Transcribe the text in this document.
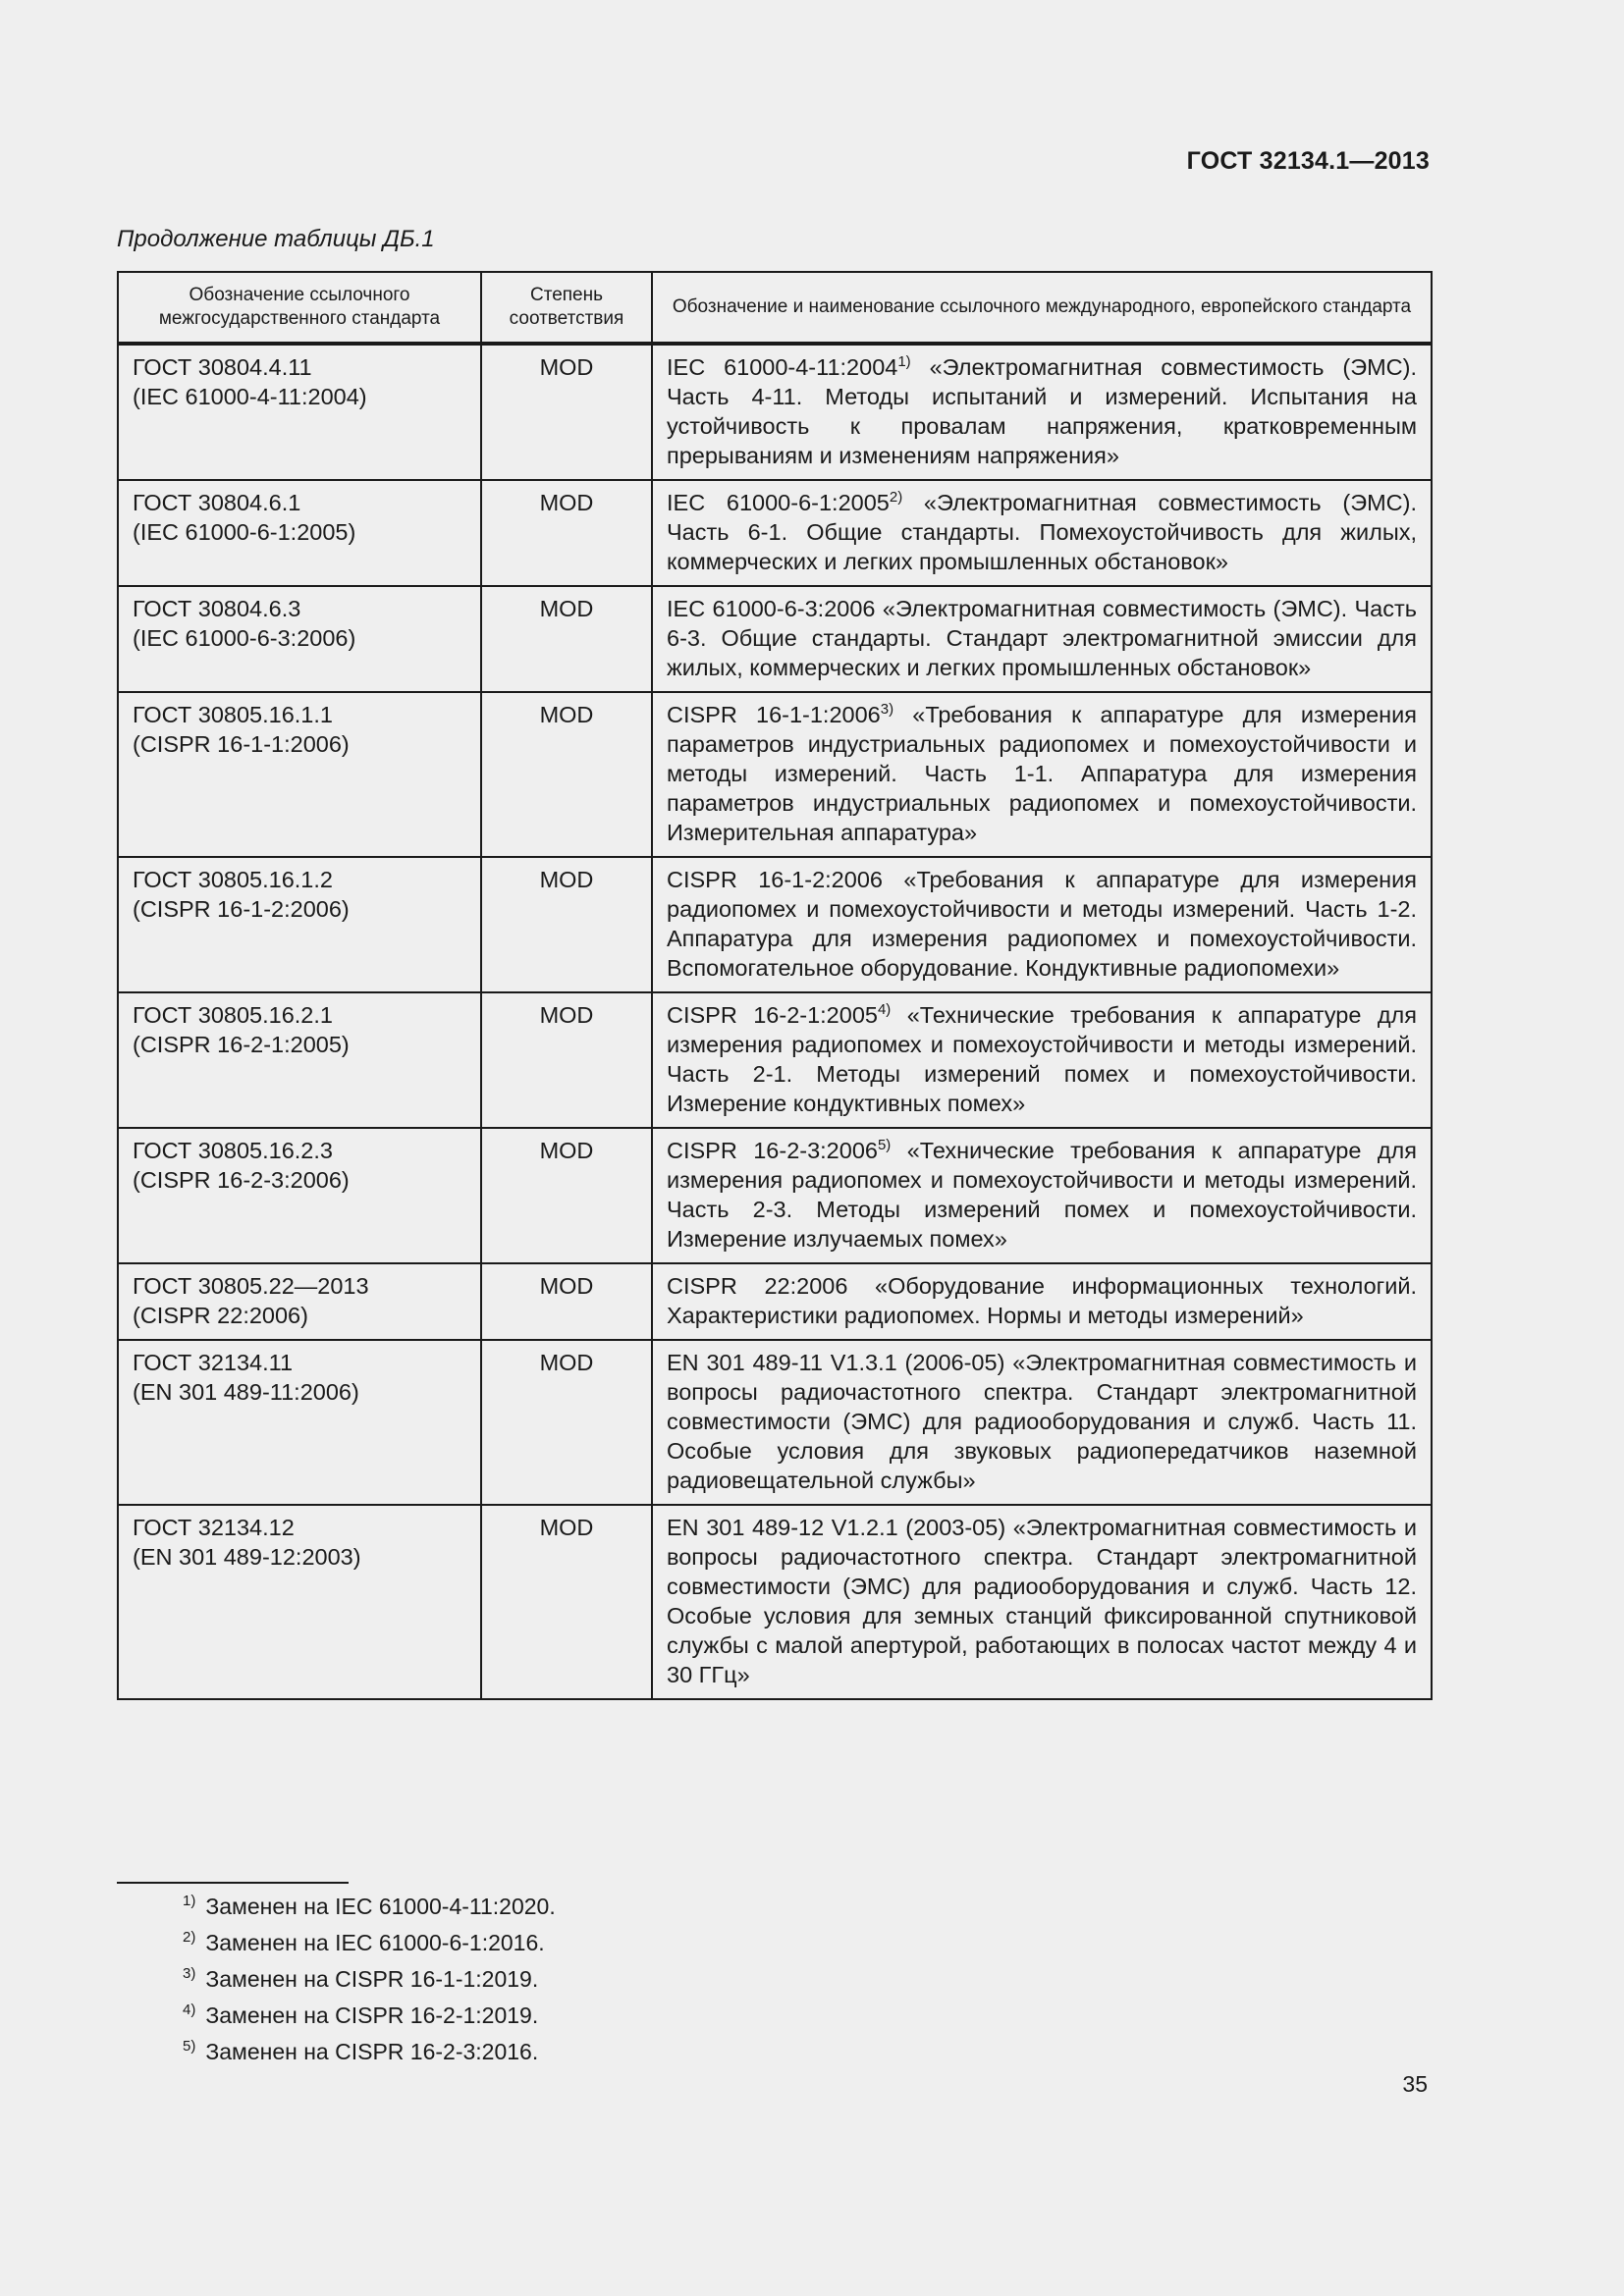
ГОСТ 32134.1—2013
Продолжение таблицы ДБ.1
Обозначение ссылочного межгосударственного стандарта	Степень соответствия	Обозначение и наименование ссылочного международного, европейского стандарта

ГОСТ 30804.4.11
(IEC 61000-4-11:2004)	MOD	IEC 61000-4-11:2004$^{1)}$ «Электромагнитная совместимость (ЭМС). Часть 4-11. Методы испытаний и измерений. Испытания на устойчивость к провалам напряжения, кратковременным прерываниям и изменениям напряжения»

ГОСТ 30804.6.1
(IEC 61000-6-1:2005)	MOD	IEC 61000-6-1:2005$^{2)}$ «Электромагнитная совместимость (ЭМС). Часть 6-1. Общие стандарты. Помехоустойчивость для жилых, коммерческих и легких промышленных обстановок»

ГОСТ 30804.6.3
(IEC 61000-6-3:2006)	MOD	IEC 61000-6-3:2006 «Электромагнитная совместимость (ЭМС). Часть 6-3. Общие стандарты. Стандарт электромагнитной эмиссии для жилых, коммерческих и легких промышленных обстановок»

ГОСТ 30805.16.1.1
(CISPR 16-1-1:2006)	MOD	CISPR 16-1-1:2006$^{3)}$ «Требования к аппаратуре для измерения параметров индустриальных радиопомех и помехоустойчивости и методы измерений. Часть 1-1. Аппаратура для измерения параметров индустриальных радиопомех и помехоустойчивости. Измерительная аппаратура»

ГОСТ 30805.16.1.2
(CISPR 16-1-2:2006)	MOD	CISPR 16-1-2:2006 «Требования к аппаратуре для измерения радиопомех и помехоустойчивости и методы измерений. Часть 1-2. Аппаратура для измерения радиопомех и помехоустойчивости. Вспомогательное оборудование. Кондуктивные радиопомехи»

ГОСТ 30805.16.2.1
(CISPR 16-2-1:2005)	MOD	CISPR 16-2-1:2005$^{4)}$ «Технические требования к аппаратуре для измерения радиопомех и помехоустойчивости и методы измерений. Часть 2-1. Методы измерений помех и помехоустойчивости. Измерение кондуктивных помех»

ГОСТ 30805.16.2.3
(CISPR 16-2-3:2006)	MOD	CISPR 16-2-3:2006$^{5)}$ «Технические требования к аппаратуре для измерения радиопомех и помехоустойчивости и методы измерений. Часть 2-3. Методы измерений помех и помехоустойчивости. Измерение излучаемых помех»

ГОСТ 30805.22—2013
(CISPR 22:2006)	MOD	CISPR 22:2006 «Оборудование информационных технологий. Характеристики радиопомех. Нормы и методы измерений»

ГОСТ 32134.11
(EN 301 489-11:2006)	MOD	EN 301 489-11 V1.3.1 (2006-05) «Электромагнитная совместимость и вопросы радиочастотного спектра. Стандарт электромагнитной совместимости (ЭМС) для радиооборудования и служб. Часть 11. Особые условия для звуковых радиопередатчиков наземной радиовещательной службы»

ГОСТ 32134.12
(EN 301 489-12:2003)	MOD	EN 301 489-12 V1.2.1 (2003-05) «Электромагнитная совместимость и вопросы радиочастотного спектра. Стандарт электромагнитной совместимости (ЭМС) для радиооборудования и служб. Часть 12. Особые условия для земных станций фиксированной спутниковой службы с малой апертурой, работающих в полосах частот между 4 и 30 ГГц»
$^{1)}$ Заменен на IEC 61000-4-11:2020.
$^{2)}$ Заменен на IEC 61000-6-1:2016.
$^{3)}$ Заменен на CISPR 16-1-1:2019.
$^{4)}$ Заменен на CISPR 16-2-1:2019.
$^{5)}$ Заменен на CISPR 16-2-3:2016.
35
